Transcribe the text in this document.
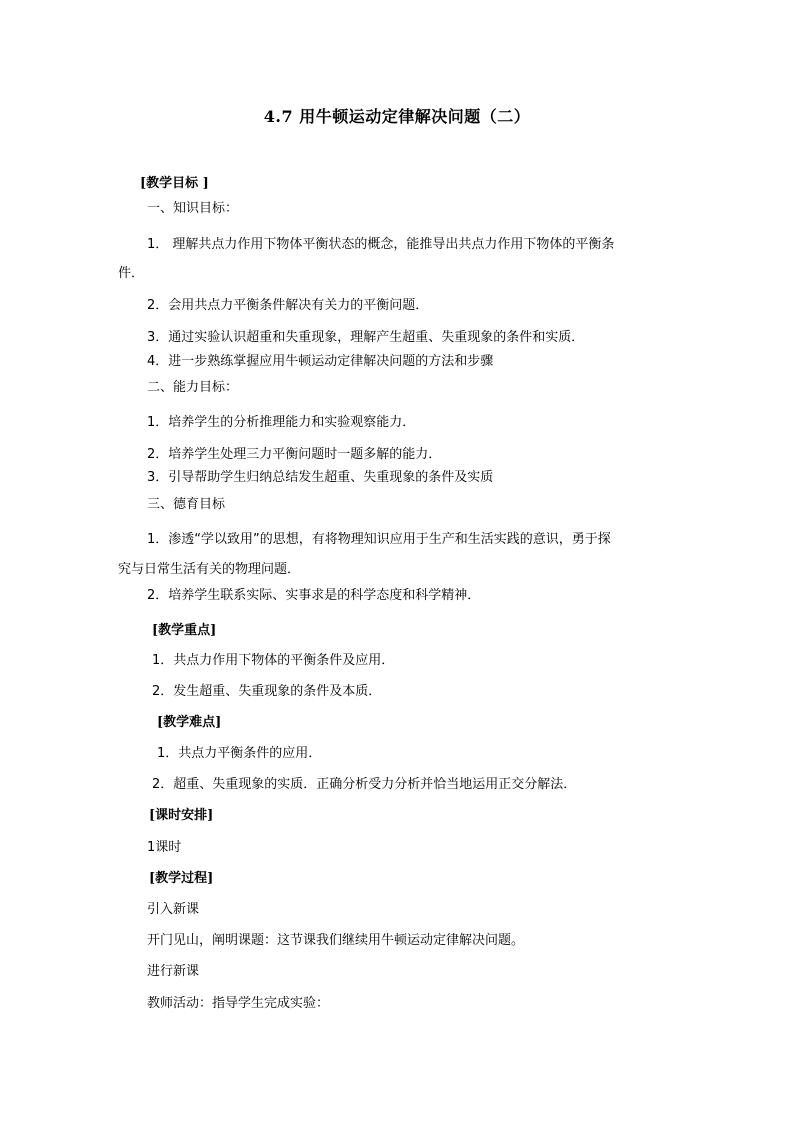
4.7 用牛顿运动定律解决问题（二）
[教学目标 ]
一、知识目标：
1． 理解共点力作用下物体平衡状态的概念，能推导出共点力作用下物体的平衡条
件．
2．会用共点力平衡条件解决有关力的平衡问题．
3．通过实验认识超重和失重现象，理解产生超重、失重现象的条件和实质．
4．进一步熟练掌握应用牛顿运动定律解决问题的方法和步骤
二、能力目标：
1．培养学生的分析推理能力和实验观察能力．
2．培养学生处理三力平衡问题时一题多解的能力．
3．引导帮助学生归纳总结发生超重、失重现象的条件及实质
三、德育目标
1．渗透“学以致用”的思想，有将物理知识应用于生产和生活实践的意识，勇于探
究与日常生活有关的物理问题．
2．培养学生联系实际、实事求是的科学态度和科学精神．
[教学重点]
1．共点力作用下物体的平衡条件及应用．
2．发生超重、失重现象的条件及本质．
[教学难点]
1．共点力平衡条件的应用．
2．超重、失重现象的实质．正确分析受力分析并恰当地运用正交分解法．
[课时安排]
1课时
[教学过程]
引入新课
开门见山，阐明课题：这节课我们继续用牛顿运动定律解决问题。
进行新课
教师活动：指导学生完成实验：
